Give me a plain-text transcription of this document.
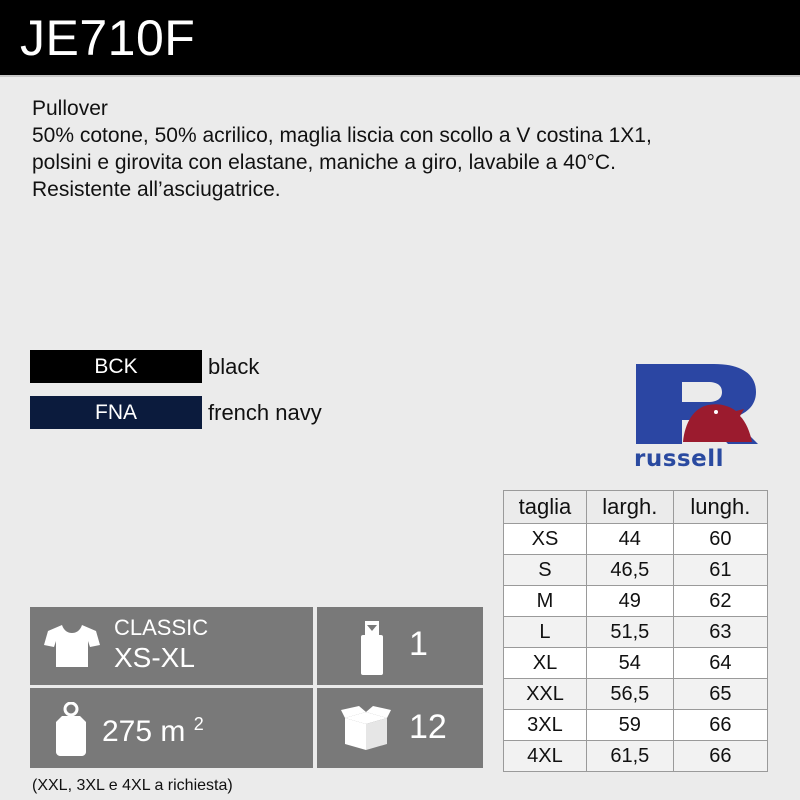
JE710F
Pullover
50% cotone, 50% acrilico, maglia liscia con scollo a V costina 1X1,
polsini e girovita con elastane, maniche a giro, lavabile a 40°C.
Resistente all’asciugatrice.
BCK	black
FNA	french navy
russell
taglia	largh.	lungh.
XS	44	60
S	46,5	61
M	49	62
L	51,5	63
XL	54	64
XXL	56,5	65
3XL	59	66
4XL	61,5	66
CLASSIC
XS-XL	1
275 m $^2$	12
(XXL, 3XL e 4XL a richiesta)
